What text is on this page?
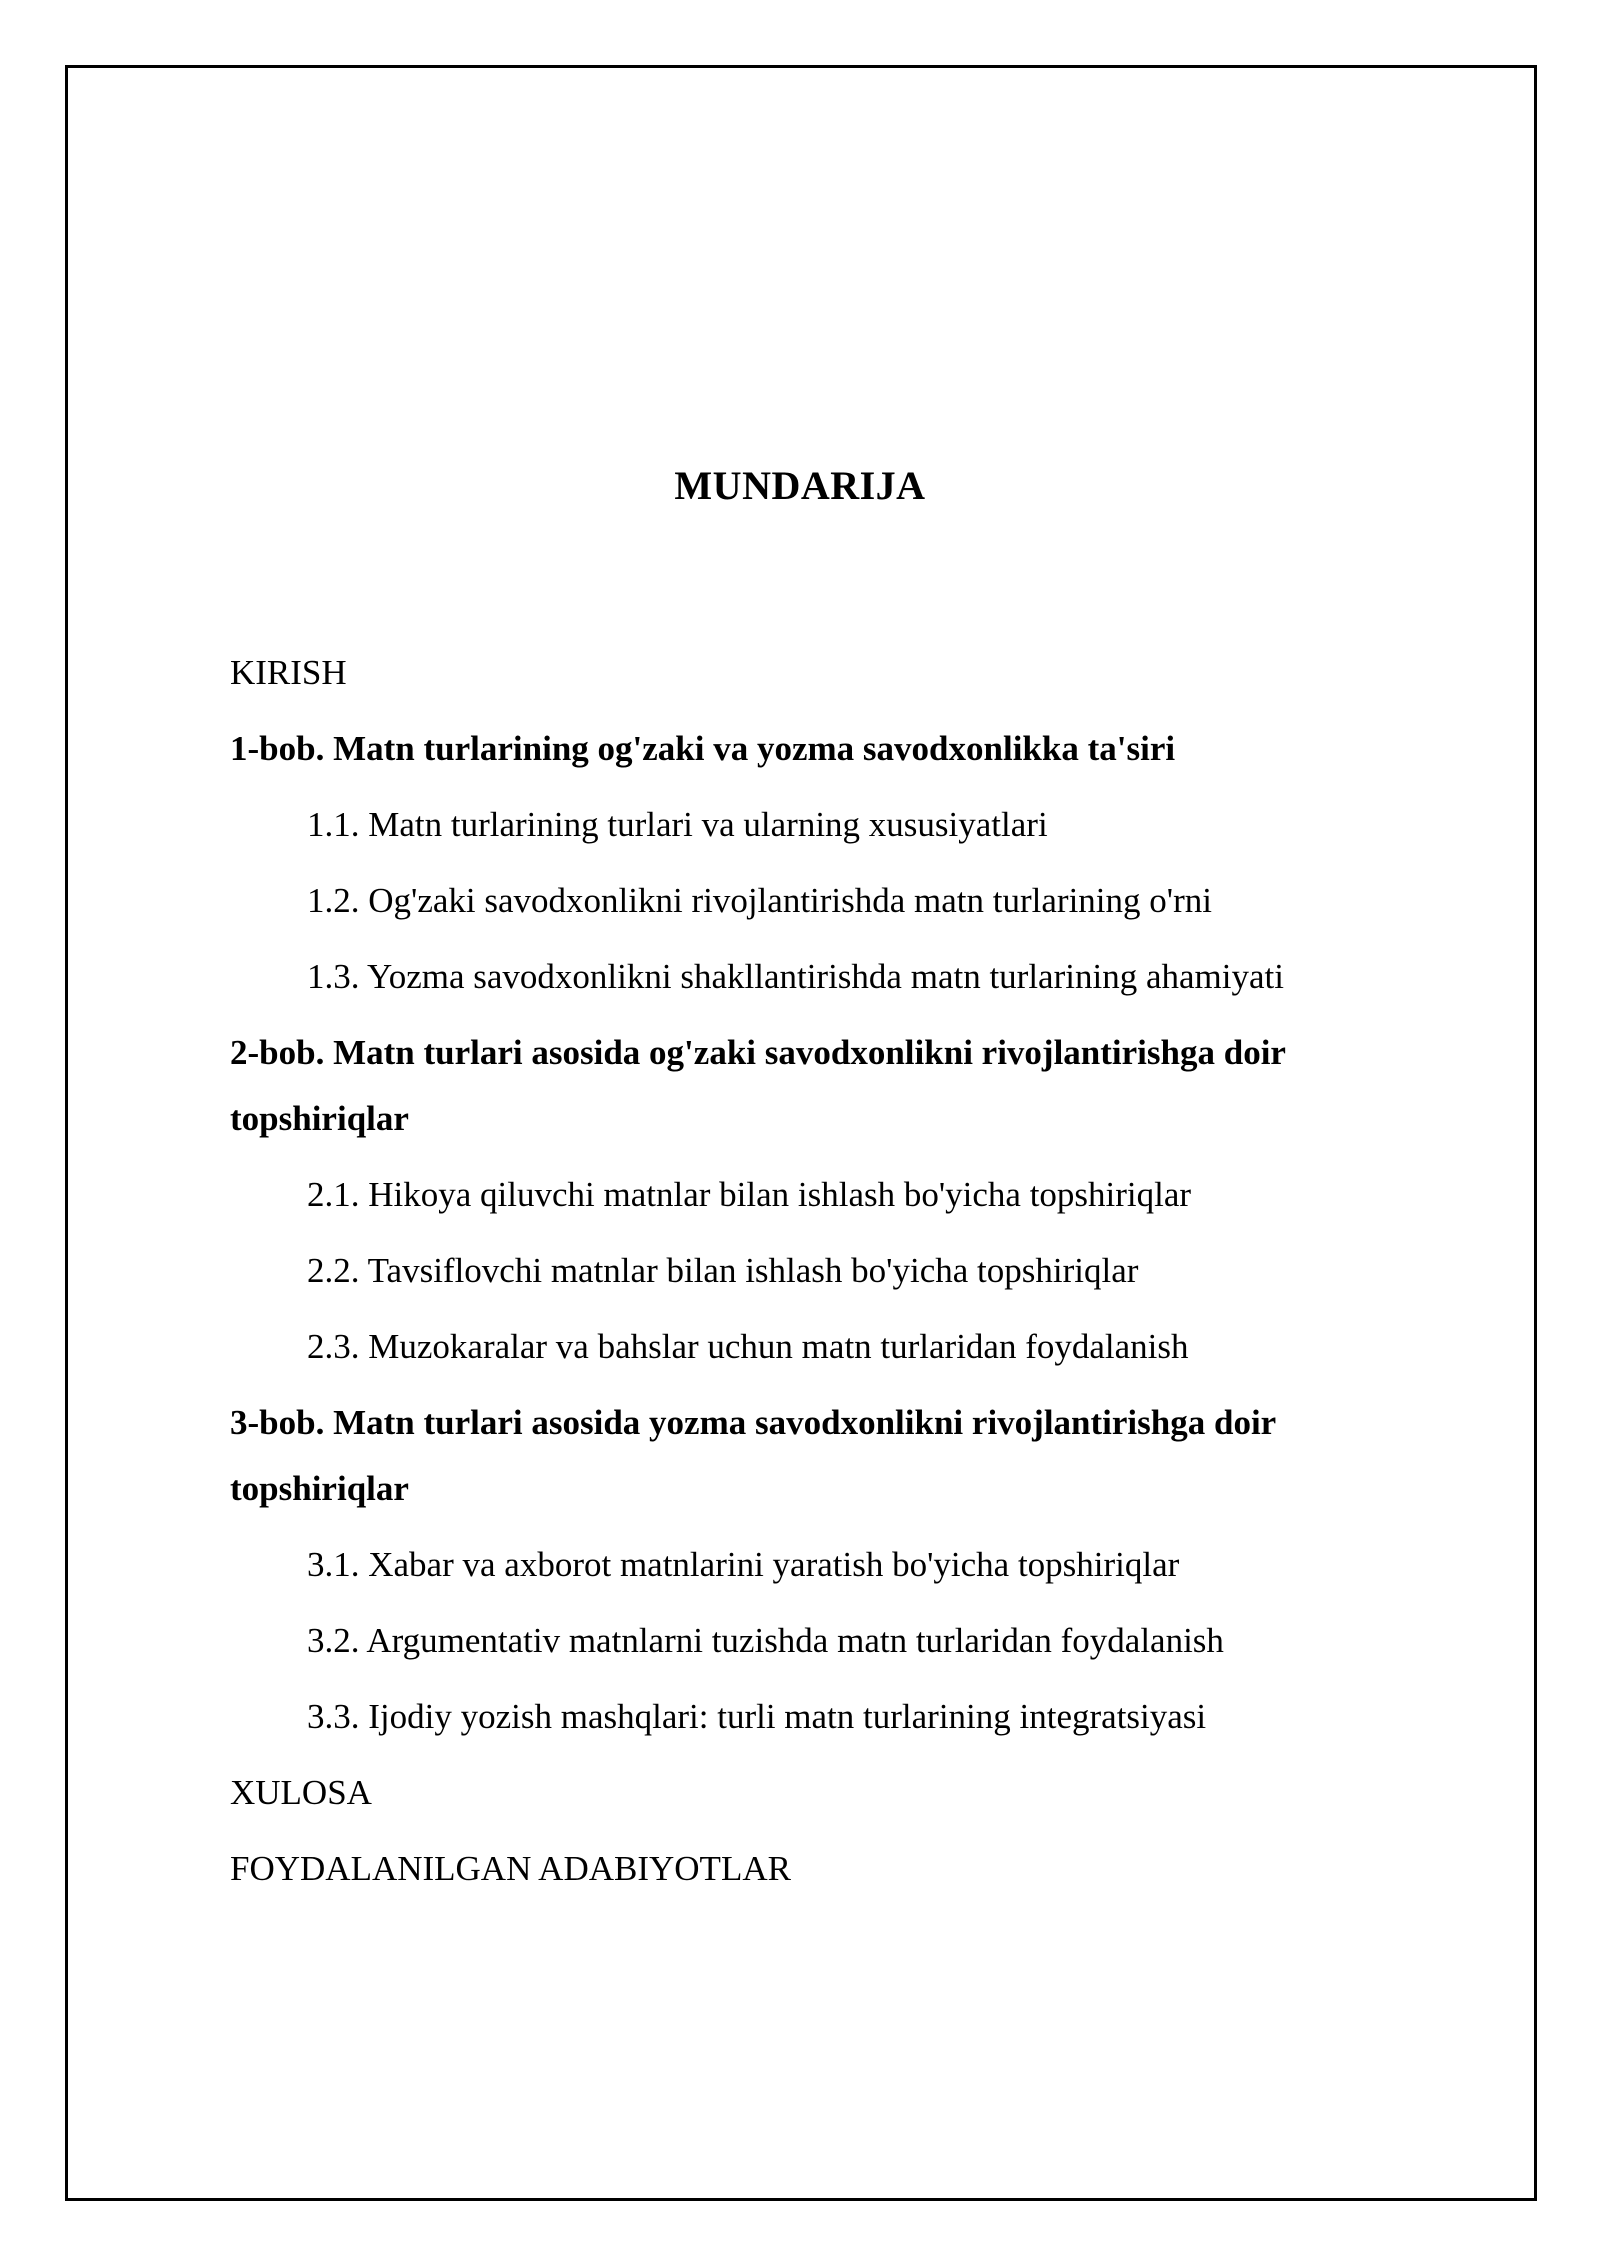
MUNDARIJA
KIRISH
1-bob. Matn turlarining og'zaki va yozma savodxonlikka ta'siri
1.1. Matn turlarining turlari va ularning xususiyatlari
1.2. Og'zaki savodxonlikni rivojlantirishda matn turlarining o'rni
1.3. Yozma savodxonlikni shakllantirishda matn turlarining ahamiyati
2-bob. Matn turlari asosida og'zaki savodxonlikni rivojlantirishga doir topshiriqlar
2.1. Hikoya qiluvchi matnlar bilan ishlash bo'yicha topshiriqlar
2.2. Tavsiflovchi matnlar bilan ishlash bo'yicha topshiriqlar
2.3. Muzokaralar va bahslar uchun matn turlaridan foydalanish
3-bob. Matn turlari asosida yozma savodxonlikni rivojlantirishga doir topshiriqlar
3.1. Xabar va axborot matnlarini yaratish bo'yicha topshiriqlar
3.2. Argumentativ matnlarni tuzishda matn turlaridan foydalanish
3.3. Ijodiy yozish mashqlari: turli matn turlarining integratsiyasi
XULOSA
FOYDALANILGAN ADABIYOTLAR
